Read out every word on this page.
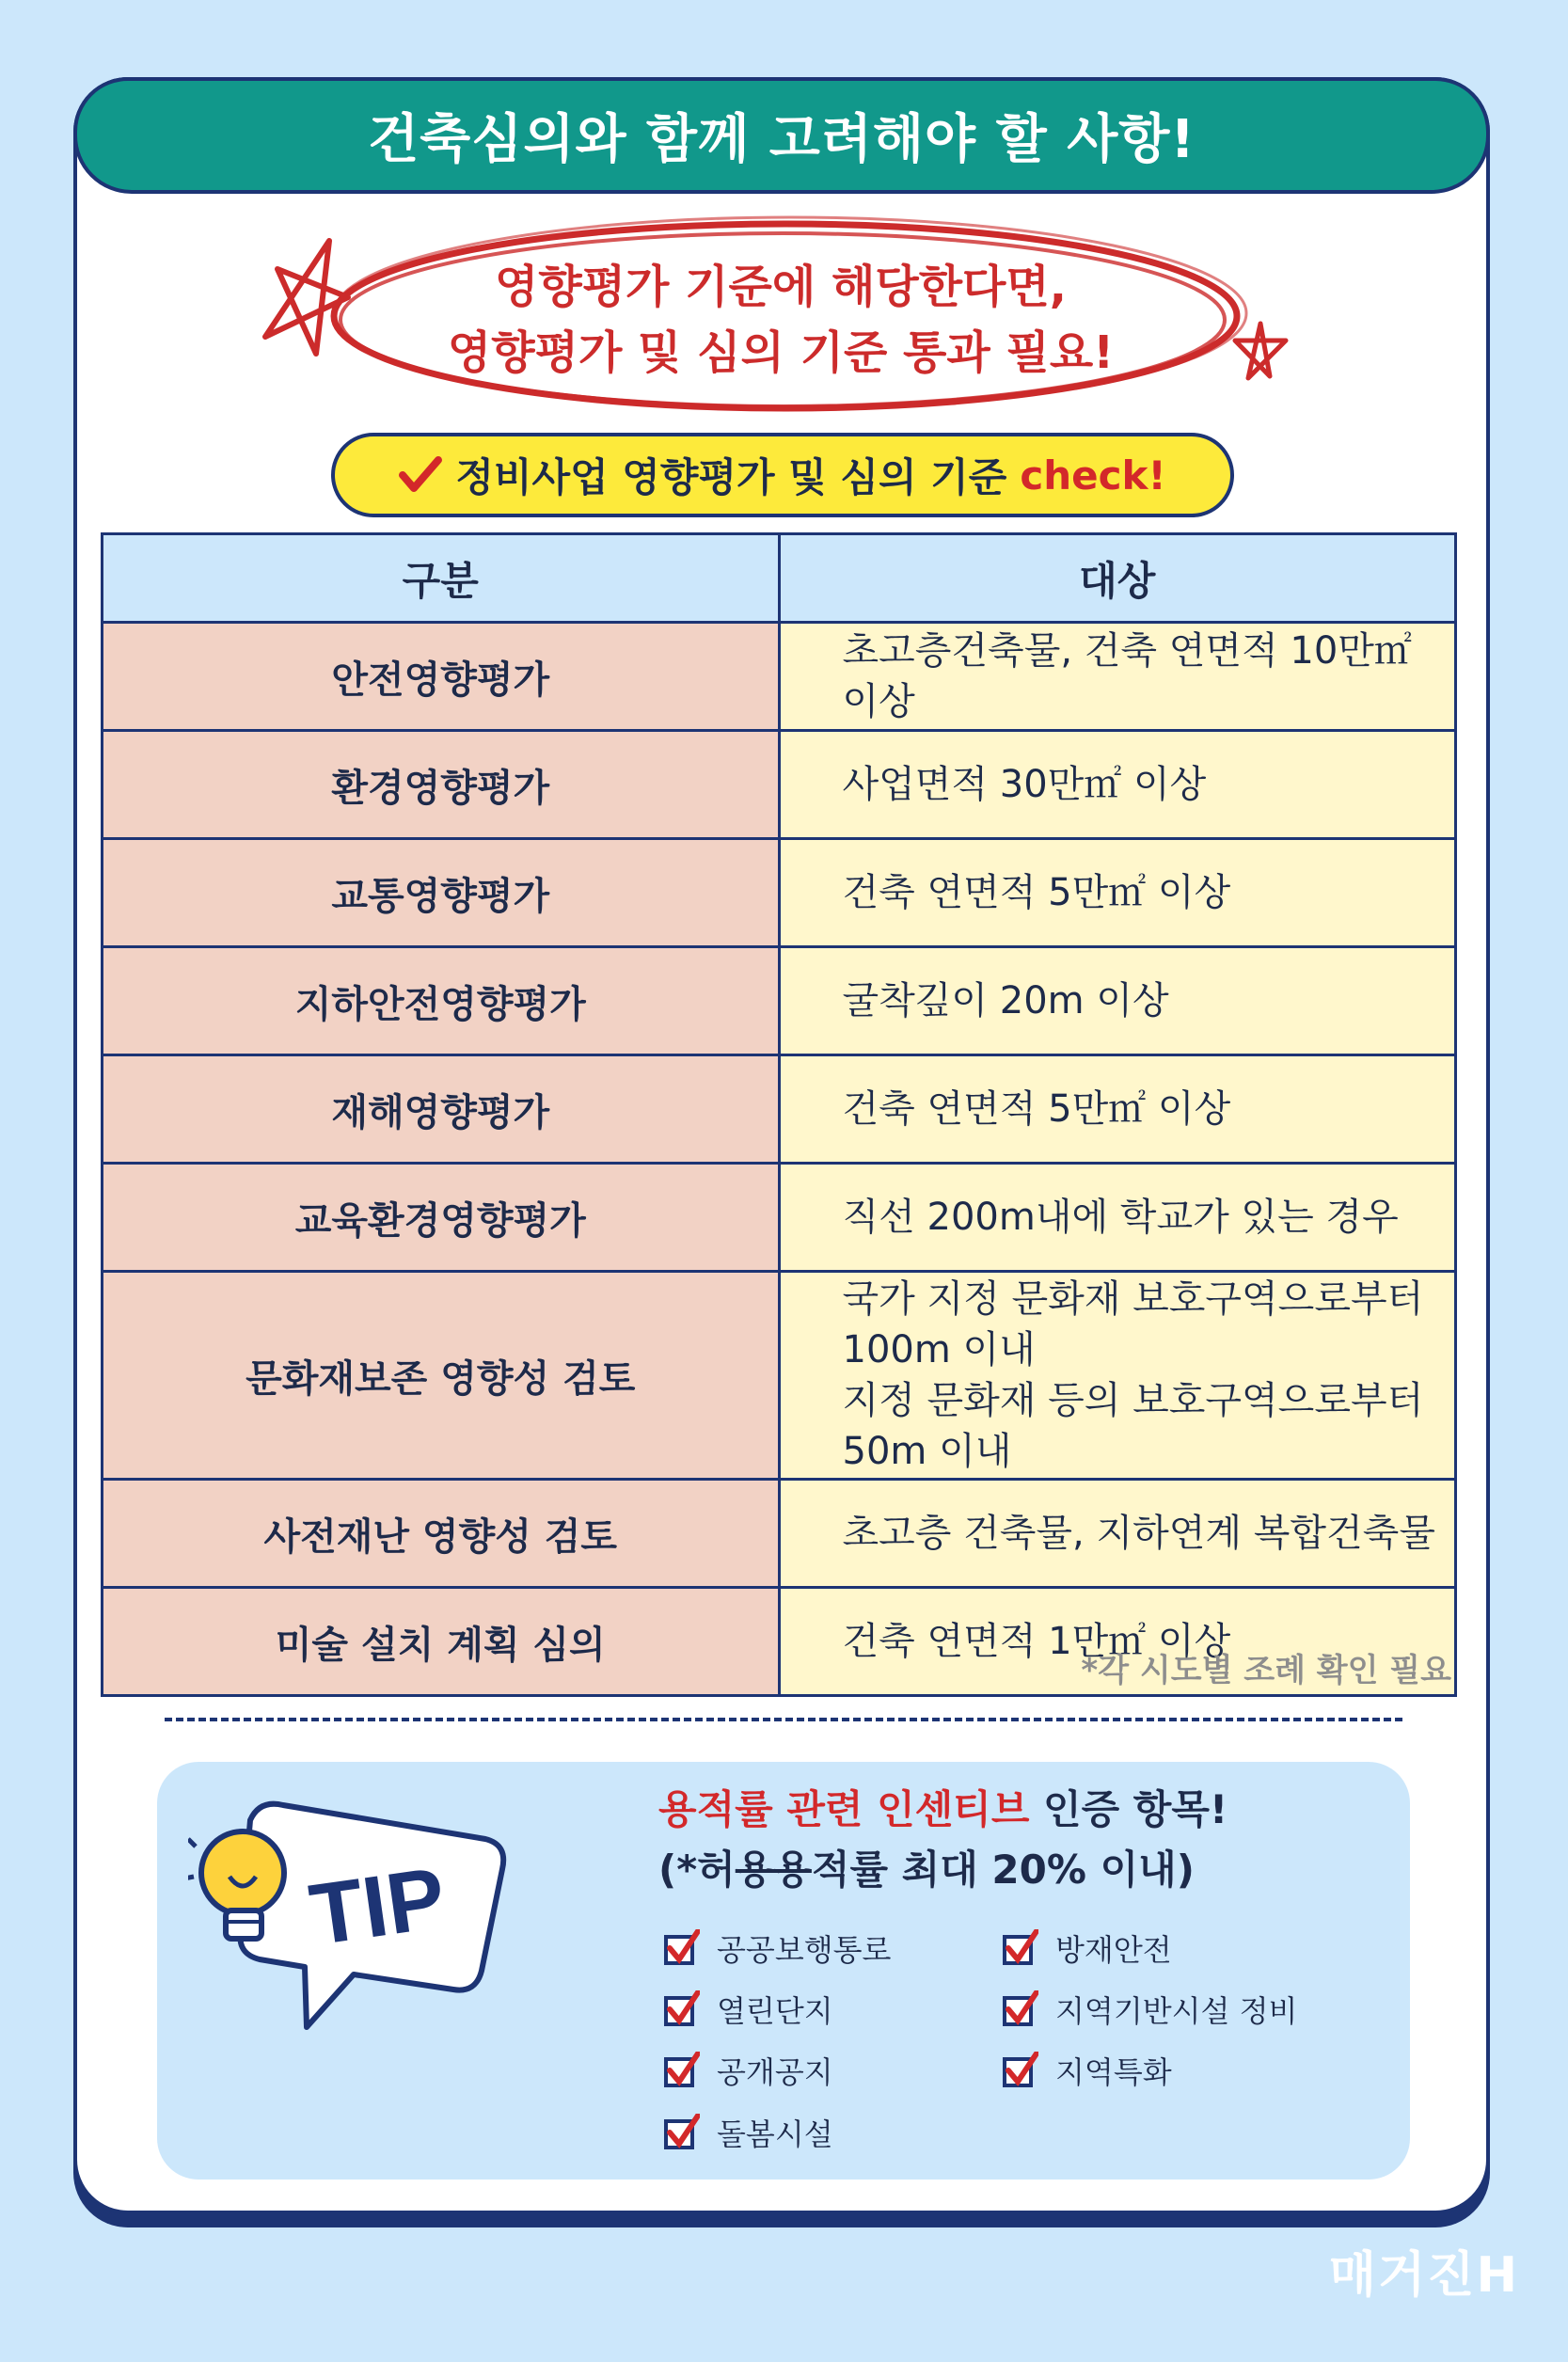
건축심의와 함께 고려해야 할 사항!
영향평가 기준에 해당한다면,
영향평가 및 심의 기준 통과 필요!
정비사업 영향평가 및 심의 기준 check!
구분	대상
안전영향평가	초고층건축물, 건축 연면적 10만㎡ 이상
환경영향평가	사업면적 30만㎡ 이상
교통영향평가	건축 연면적 5만㎡ 이상
지하안전영향평가	굴착깊이 20m 이상
재해영향평가	건축 연면적 5만㎡ 이상
교육환경영향평가	직선 200m내에 학교가 있는 경우
문화재보존 영향성 검토	국가 지정 문화재 보호구역으로부터 100m 이내
지정 문화재 등의 보호구역으로부터 50m 이내

사전재난 영향성 검토	초고층 건축물, 지하연계 복합건축물
미술 설치 계획 심의	건축 연면적 1만㎡ 이상
*각 시도별 조례 확인 필요
TIP
용적률 관련 인센티브 인증 항목!
(*허용용적률 최대 20% 이내)
공공보행통로
열린단지
공개공지
돌봄시설
방재안전
지역기반시설 정비
지역특화
매거진H
